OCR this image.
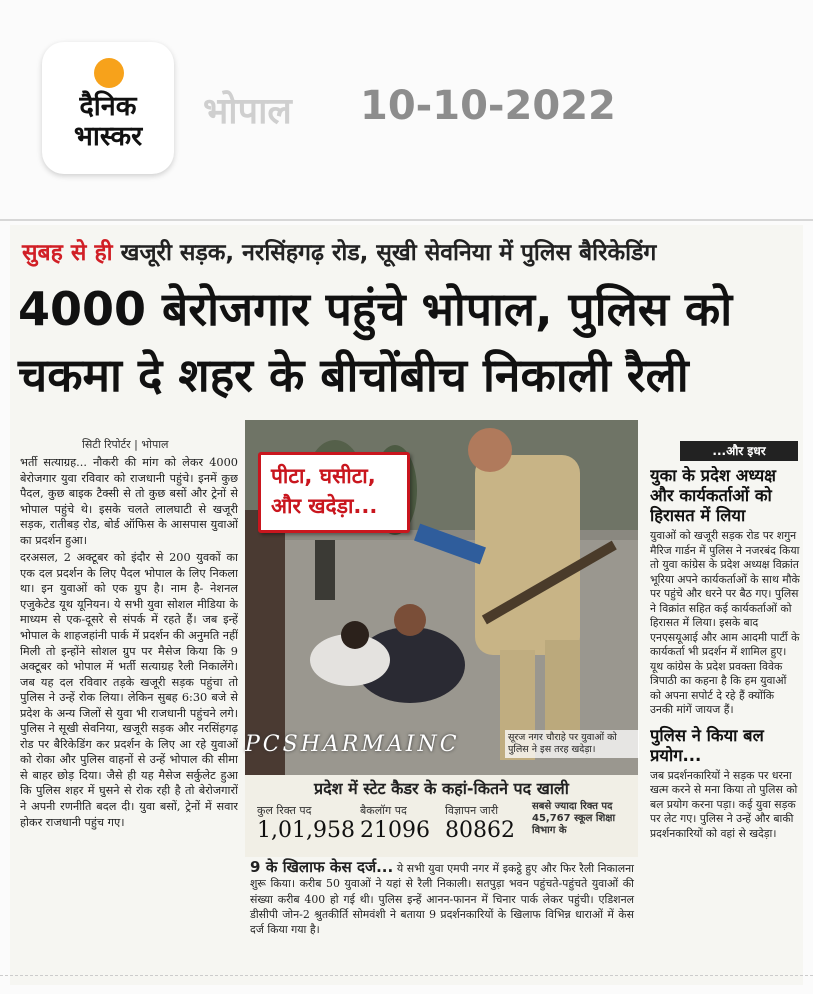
दैनिक
भास्कर
भोपाल 10-10-2022
सुबह से ही खजूरी सड़क, नरसिंहगढ़ रोड, सूखी सेवनिया में पुलिस बैरिकेडिंग
4000 बेरोजगार पहुंचे भोपाल, पुलिस को
चकमा दे शहर के बीचोंबीच निकाली रैली
सिटी रिपोर्टर | भोपाल

भर्ती सत्याग्रह... नौकरी की मांग को लेकर 4000 बेरोजगार युवा रविवार को राजधानी पहुंचे। इनमें कुछ पैदल, कुछ बाइक टैक्सी से तो कुछ बसों और ट्रेनों से भोपाल पहुंचे थे। इसके चलते लालघाटी से खजूरी सड़क, रातीबड़ रोड, बोर्ड ऑफिस के आसपास युवाओं का प्रदर्शन हुआ।

दरअसल, 2 अक्टूबर को इंदौर से 200 युवकों का एक दल प्रदर्शन के लिए पैदल भोपाल के लिए निकला था। इन युवाओं को एक ग्रुप है। नाम है- नेशनल एजुकेटेड यूथ यूनियन। ये सभी युवा सोशल मीडिया के माध्यम से एक-दूसरे से संपर्क में रहते हैं। जब इन्हें भोपाल के शाहजहांनी पार्क में प्रदर्शन की अनुमति नहीं मिली तो इन्होंने सोशल ग्रुप पर मैसेज किया कि 9 अक्टूबर को भोपाल में भर्ती सत्याग्रह रैली निकालेंगे। जब यह दल रविवार तड़के खजूरी सड़क पहुंचा तो पुलिस ने उन्हें रोक लिया। लेकिन सुबह 6:30 बजे से प्रदेश के अन्य जिलों से युवा भी राजधानी पहुंचने लगे। पुलिस ने सूखी सेवनिया, खजूरी सड़क और नरसिंहगढ़ रोड पर बैरिकेडिंग कर प्रदर्शन के लिए आ रहे युवाओं को रोका और पुलिस वाहनों से उन्हें भोपाल की सीमा से बाहर छोड़ दिया। जैसे ही यह मैसेज सर्कुलेट हुआ कि पुलिस शहर में घुसने से रोक रही है तो बेरोजगारों ने अपनी रणनीति बदल दी। युवा बसों, ट्रेनों में सवार होकर राजधानी पहुंच गए।

पीटा, घसीटा,
और खदेड़ा...
सूरज नगर चौराहे पर युवाओं को पुलिस ने इस तरह खदेड़ा।
PCSHARMAINC
...और इधर
युका के प्रदेश अध्यक्ष और कार्यकर्ताओं को हिरासत में लिया

युवाओं को खजूरी सड़क रोड पर शगुन मैरिज गार्डन में पुलिस ने नजरबंद किया तो युवा कांग्रेस के प्रदेश अध्यक्ष विक्रांत भूरिया अपने कार्यकर्ताओं के साथ मौके पर पहुंचे और धरने पर बैठ गए। पुलिस ने विक्रांत सहित कई कार्यकर्ताओं को हिरासत में लिया। इसके बाद एनएसयूआई और आम आदमी पार्टी के कार्यकर्ता भी प्रदर्शन में शामिल हुए। यूथ कांग्रेस के प्रदेश प्रवक्ता विवेक त्रिपाठी का कहना है कि हम युवाओं को अपना सपोर्ट दे रहे हैं क्योंकि उनकी मांगें जायज हैं।

पुलिस ने किया बल प्रयोग...

जब प्रदर्शनकारियों ने सड़क पर धरना खत्म करने से मना किया तो पुलिस को बल प्रयोग करना पड़ा। कई युवा सड़क पर लेट गए। पुलिस ने उन्हें और बाकी प्रदर्शनकारियों को वहां से खदेड़ा।

प्रदेश में स्टेट कैडर के कहां-कितने पद खाली
कुल रिक्त पद
1,01,958
बैकलॉग पद
21096
विज्ञापन जारी
80862
सबसे ज्यादा रिक्त पद 45,767 स्कूल शिक्षा विभाग के
9 के खिलाफ केस दर्ज... ये सभी युवा एमपी नगर में इकट्ठे हुए और फिर रैली निकालना शुरू किया। करीब 50 युवाओं ने यहां से रैली निकाली। सतपुड़ा भवन पहुंचते-पहुंचते युवाओं की संख्या करीब 400 हो गई थी। पुलिस इन्हें आनन-फानन में चिनार पार्क लेकर पहुंची। एडिशनल डीसीपी जोन-2 श्रुतकीर्ति सोमवंशी ने बताया 9 प्रदर्शनकारियों के खिलाफ विभिन्न धाराओं में केस दर्ज किया गया है।
